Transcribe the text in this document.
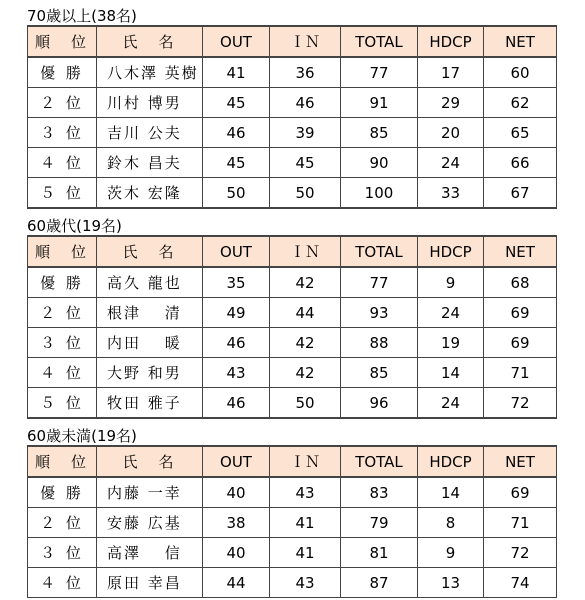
70歳以上(38名)
順　位	氏　名	OUT	ＩＮ	TOTAL	HDCP	NET
優 勝	八木澤 英樹	41	36	77	17	60
２ 位	川村 博男	45	46	91	29	62
３ 位	吉川 公夫	46	39	85	20	65
４ 位	鈴木 昌夫	45	45	90	24	66
５ 位	茨木 宏隆	50	50	100	33	67
60歳代(19名)
順　位	氏　名	OUT	ＩＮ	TOTAL	HDCP	NET
優 勝	高久 龍也	35	42	77	9	68
２ 位	根津　 清	49	44	93	24	69
３ 位	内田　 暖	46	42	88	19	69
４ 位	大野 和男	43	42	85	14	71
５ 位	牧田 雅子	46	50	96	24	72
60歳未満(19名)
順　位	氏　名	OUT	ＩＮ	TOTAL	HDCP	NET
優 勝	内藤 一幸	40	43	83	14	69
２ 位	安藤 広基	38	41	79	8	71
３ 位	高澤　 信	40	41	81	9	72
４ 位	原田 幸昌	44	43	87	13	74
